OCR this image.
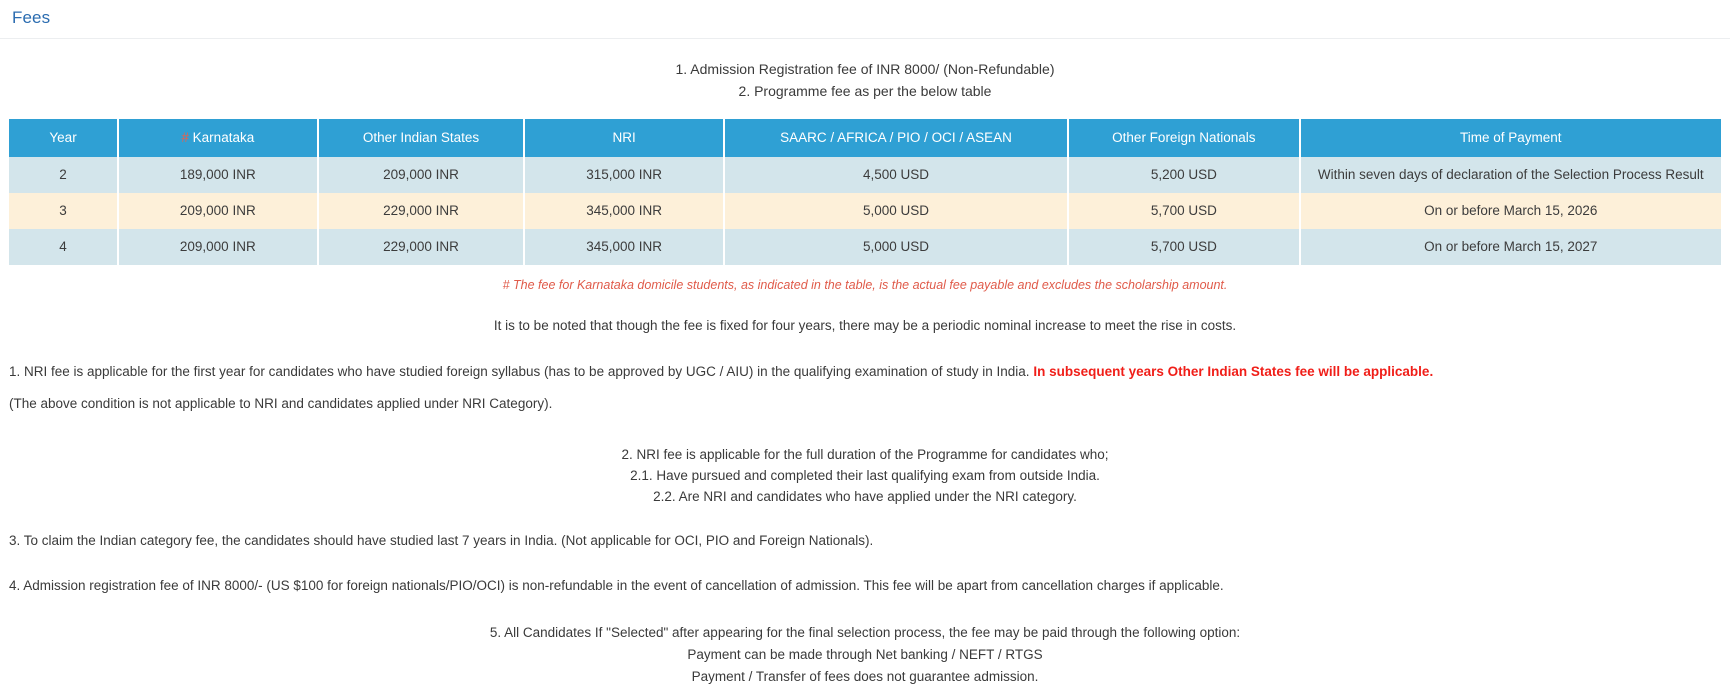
Fees
1. Admission Registration fee of INR 8000/ (Non-Refundable)
2. Programme fee as per the below table
Year	# Karnataka	Other Indian States	NRI	SAARC / AFRICA / PIO / OCI / ASEAN	Other Foreign Nationals	Time of Payment
2	189,000 INR	209,000 INR	315,000 INR	4,500 USD	5,200 USD	Within seven days of declaration of the Selection Process Result
3	209,000 INR	229,000 INR	345,000 INR	5,000 USD	5,700 USD	On or before March 15, 2026
4	209,000 INR	229,000 INR	345,000 INR	5,000 USD	5,700 USD	On or before March 15, 2027
# The fee for Karnataka domicile students, as indicated in the table, is the actual fee payable and excludes the scholarship amount.
It is to be noted that though the fee is fixed for four years, there may be a periodic nominal increase to meet the rise in costs.
1. NRI fee is applicable for the first year for candidates who have studied foreign syllabus (has to be approved by UGC / AIU) in the qualifying examination of study in India. In subsequent years Other Indian States fee will be applicable.
(The above condition is not applicable to NRI and candidates applied under NRI Category).
2. NRI fee is applicable for the full duration of the Programme for candidates who;
2.1. Have pursued and completed their last qualifying exam from outside India.
2.2. Are NRI and candidates who have applied under the NRI category.
3. To claim the Indian category fee, the candidates should have studied last 7 years in India. (Not applicable for OCI, PIO and Foreign Nationals).
4. Admission registration fee of INR 8000/- (US $100 for foreign nationals/PIO/OCI) is non-refundable in the event of cancellation of admission. This fee will be apart from cancellation charges if applicable.
5. All Candidates If "Selected" after appearing for the final selection process, the fee may be paid through the following option:
Payment can be made through Net banking / NEFT / RTGS
Payment / Transfer of fees does not guarantee admission.
